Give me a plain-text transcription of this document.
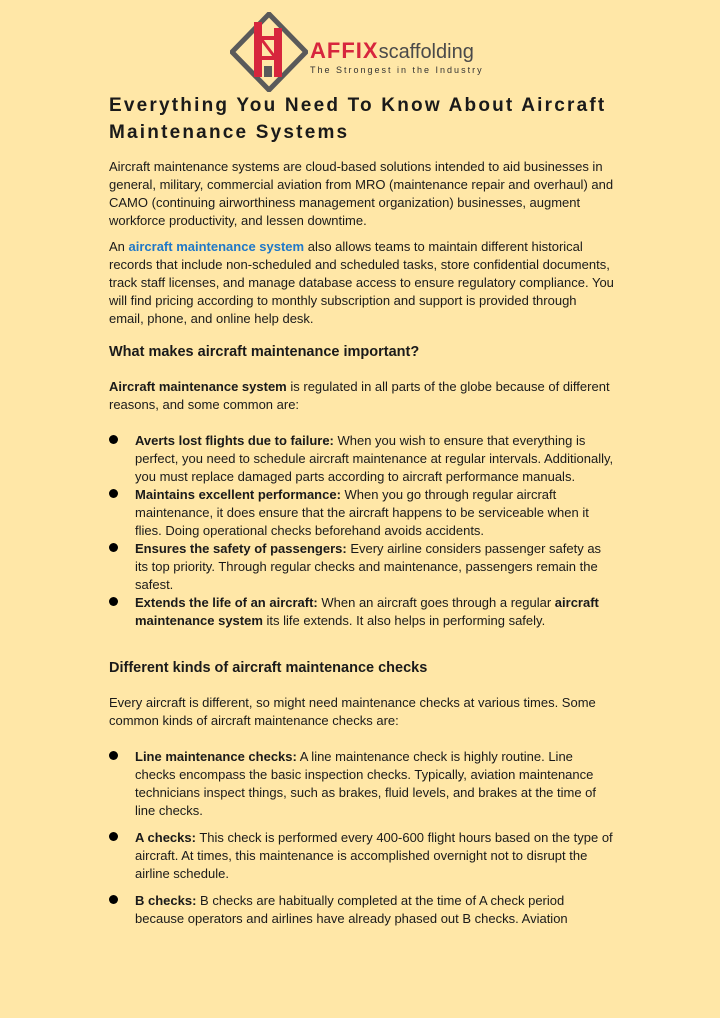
AFFIXscaffolding
The Strongest in the Industry
Everything You Need To Know About Aircraft Maintenance Systems

Aircraft maintenance systems are cloud-based solutions intended to aid businesses in general, military, commercial aviation from MRO (maintenance repair and overhaul) and CAMO (continuing airworthiness management organization) businesses, augment workforce productivity, and lessen downtime.

An aircraft maintenance system also allows teams to maintain different historical records that include non-scheduled and scheduled tasks, store confidential documents, track staff licenses, and manage database access to ensure regulatory compliance. You will find pricing according to monthly subscription and support is provided through email, phone, and online help desk.

What makes aircraft maintenance important?

Aircraft maintenance system is regulated in all parts of the globe because of different reasons, and some common are:

Averts lost flights due to failure: When you wish to ensure that everything is perfect, you need to schedule aircraft maintenance at regular intervals. Additionally, you must replace damaged parts according to aircraft performance manuals.
Maintains excellent performance: When you go through regular aircraft maintenance, it does ensure that the aircraft happens to be serviceable when it flies. Doing operational checks beforehand avoids accidents.
Ensures the safety of passengers: Every airline considers passenger safety as its top priority. Through regular checks and maintenance, passengers remain the safest.
Extends the life of an aircraft: When an aircraft goes through a regular aircraft maintenance system its life extends. It also helps in performing safely.
Different kinds of aircraft maintenance checks

Every aircraft is different, so might need maintenance checks at various times. Some common kinds of aircraft maintenance checks are:

Line maintenance checks: A line maintenance check is highly routine. Line checks encompass the basic inspection checks. Typically, aviation maintenance technicians inspect things, such as brakes, fluid levels, and brakes at the time of line checks.
A checks: This check is performed every 400-600 flight hours based on the type of aircraft. At times, this maintenance is accomplished overnight not to disrupt the airline schedule.
B checks: B checks are habitually completed at the time of A check period because operators and airlines have already phased out B checks. Aviation
